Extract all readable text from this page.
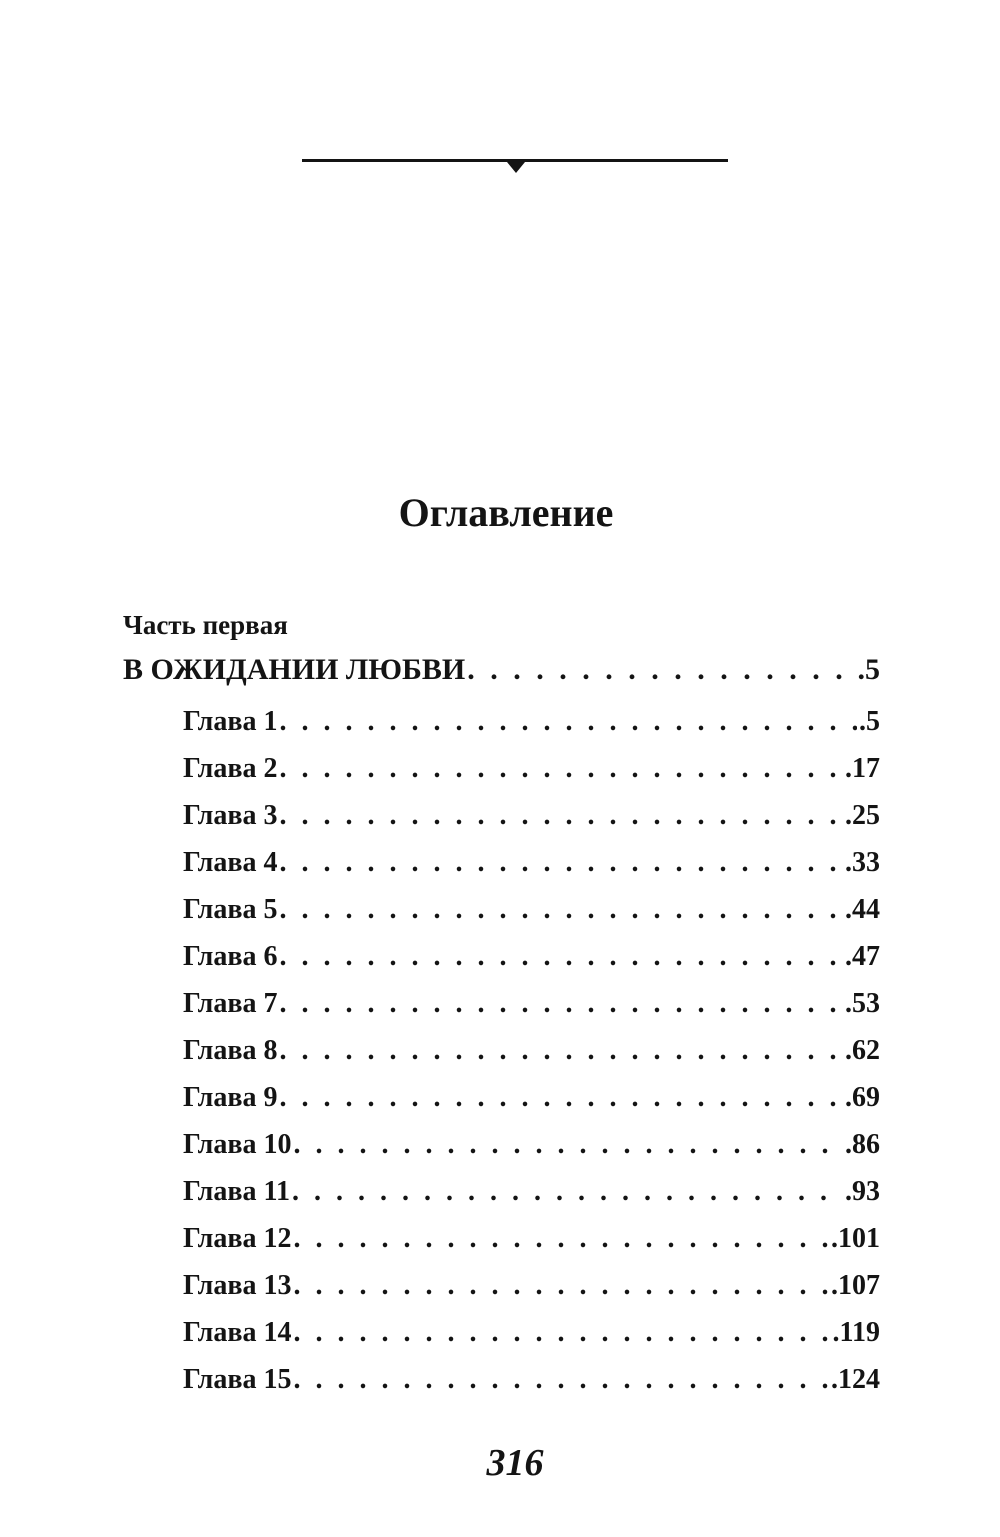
Оглавление
Часть первая
В ОЖИДАНИИ ЛЮБВИ . . .	.5
Глава 1 . . .	.5
Глава 2 . . .	.17
Глава 3 . . .	.25
Глава 4 . . .	.33
Глава 5 . . .	.44
Глава 6 . . .	.47
Глава 7 . . .	.53
Глава 8 . . .	.62
Глава 9 . . .	.69
Глава 10 . . .	.86
Глава 11 . . .	.93
Глава 12 . . .	.101
Глава 13 . . .	.107
Глава 14 . . .	.119
Глава 15 . . .	.124
316
